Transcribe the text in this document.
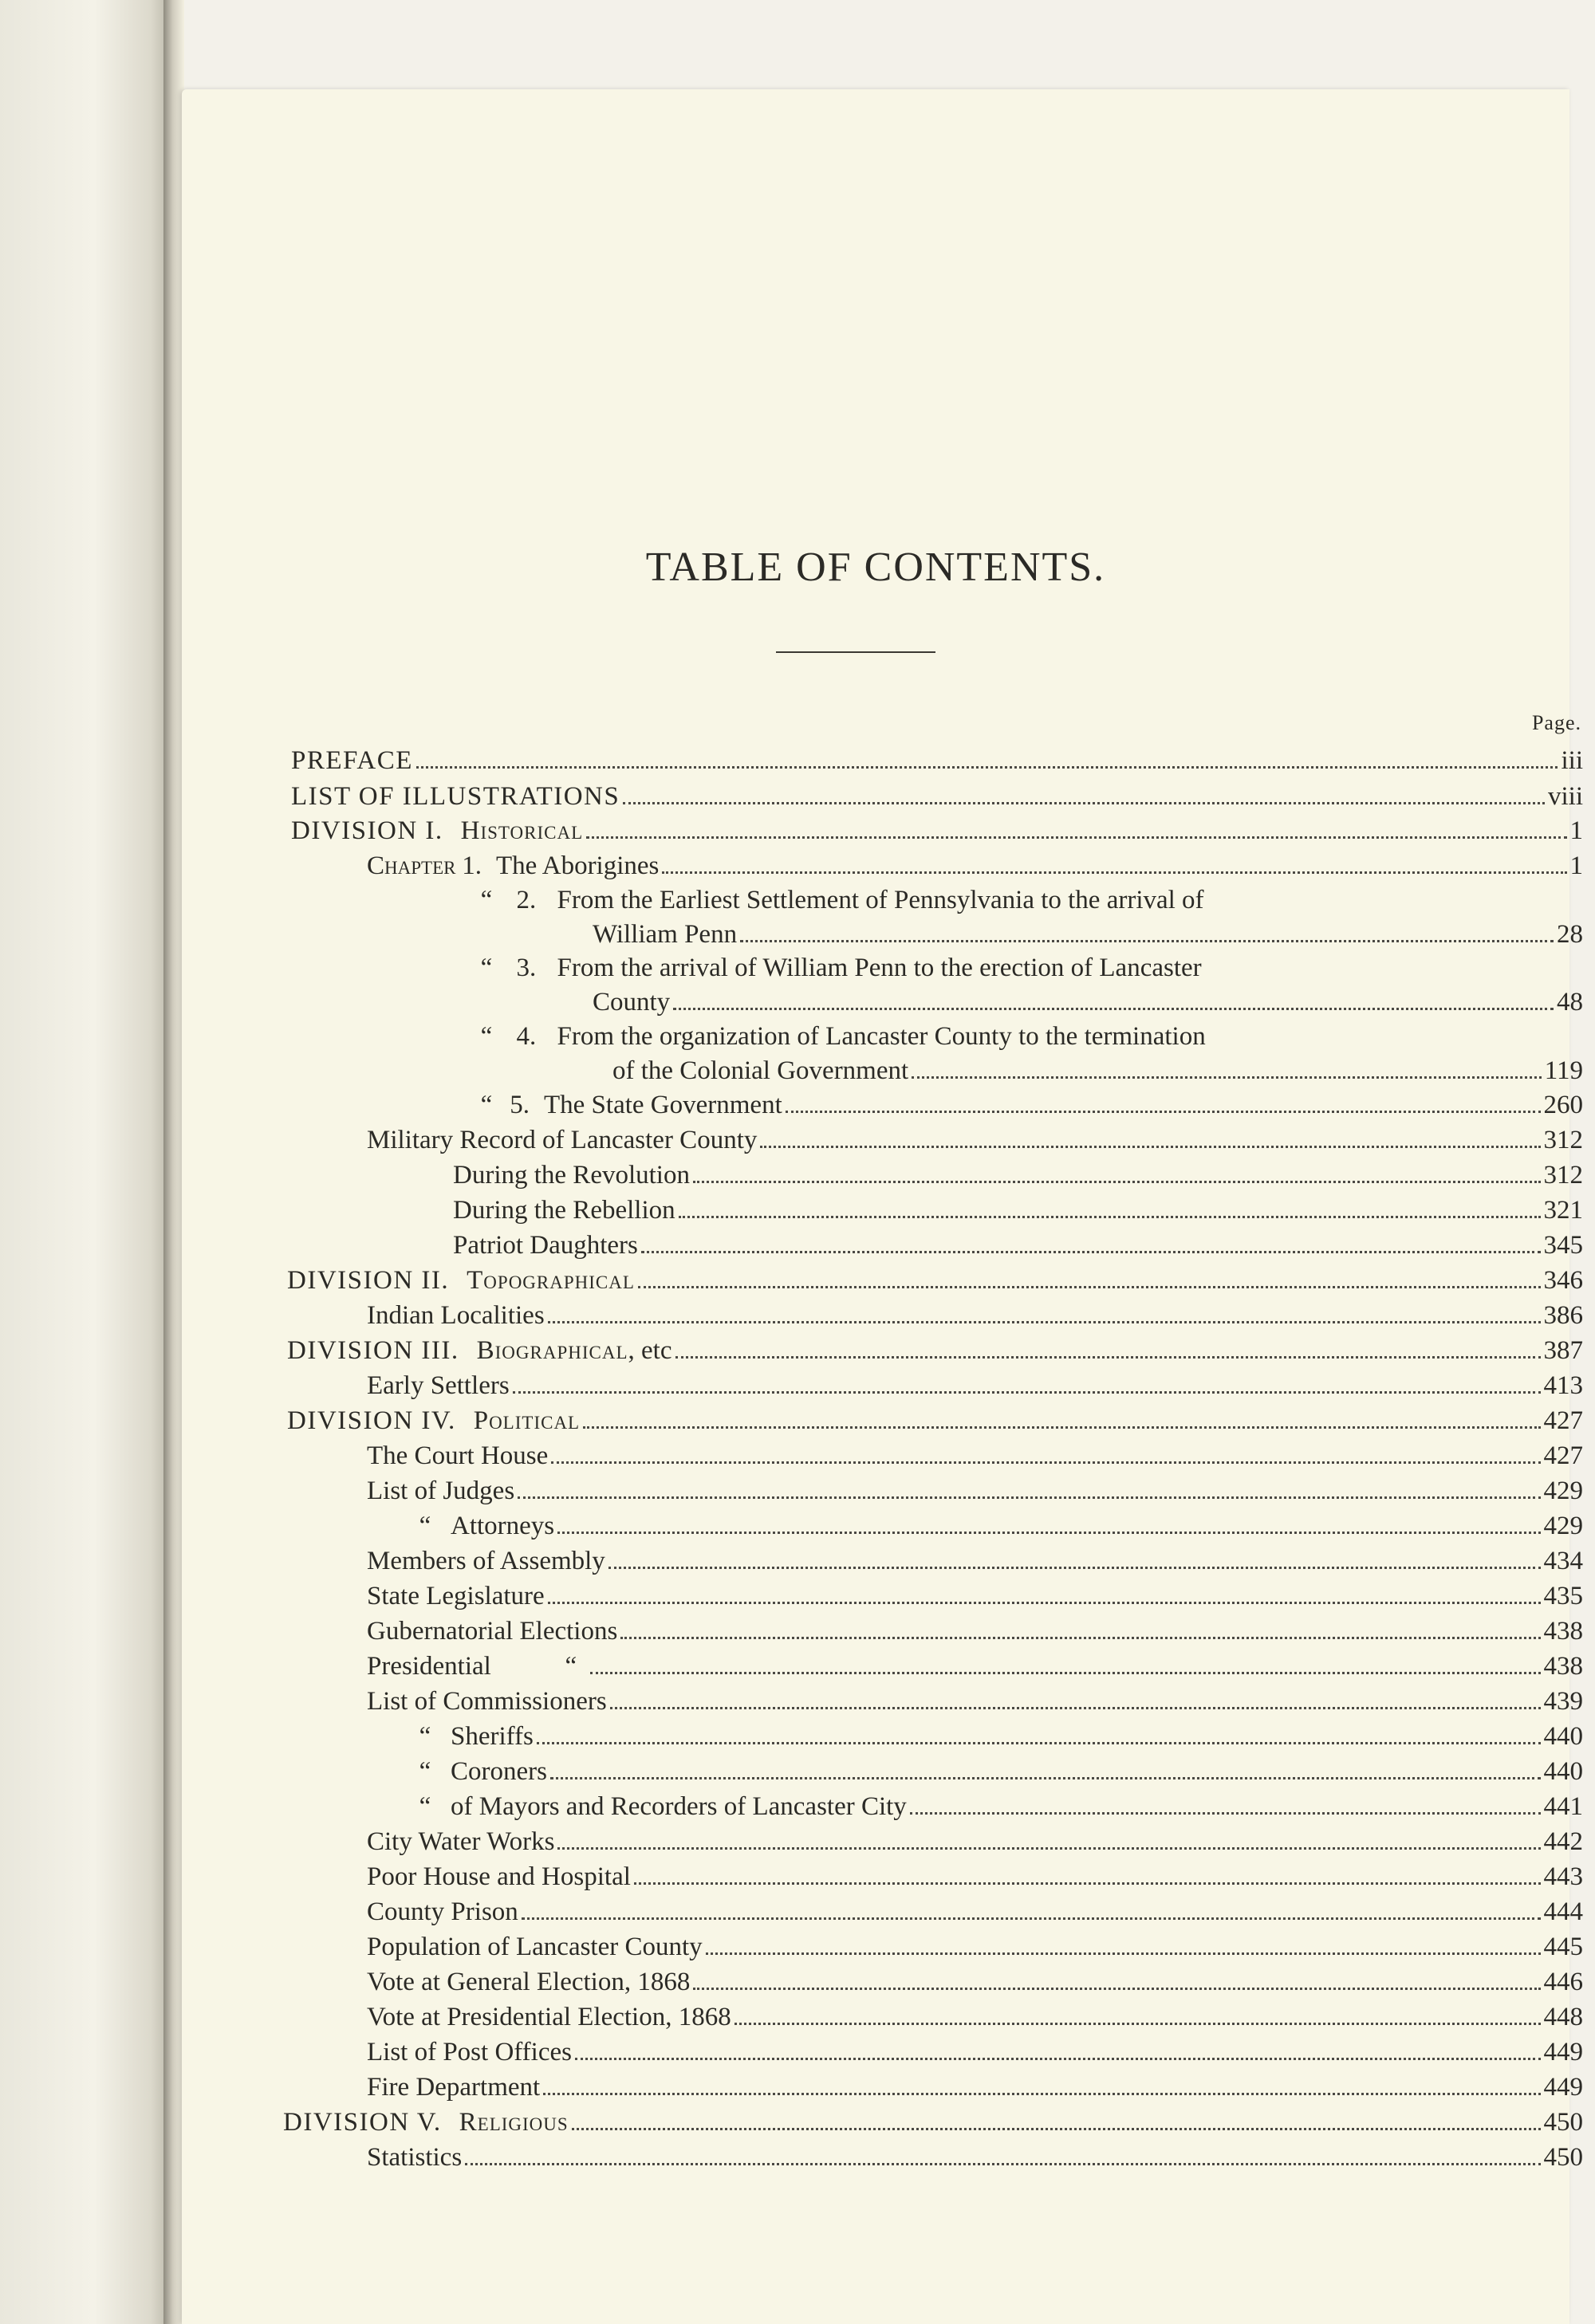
TABLE OF CONTENTS.
Page.
PREFACE	iii
LIST OF ILLUSTRATIONS	viii
DIVISION I. Historical	1
Chapter 1. The Aborigines	1
“ 2. From the Earliest Settlement of Pennsylvania to the arrival of
William Penn	28
“ 3. From the arrival of William Penn to the erection of Lancaster
County	48
“ 4. From the organization of Lancaster County to the termination
of the Colonial Government	119
“ 5. The State Government	260
Military Record of Lancaster County	312
During the Revolution	312
During the Rebellion	321
Patriot Daughters	345
DIVISION II. Topographical	346
Indian Localities	386
DIVISION III. Biographical , etc	387
Early Settlers	413
DIVISION IV. Political	427
The Court House	427
List of Judges	429
“ Attorneys	429
Members of Assembly	434
State Legislature	435
Gubernatorial Elections	438
Presidential	“	438
List of Commissioners	439
“ Sheriffs	440
“ Coroners	440
“ of Mayors and Recorders of Lancaster City	441
City Water Works	442
Poor House and Hospital	443
County Prison	444
Population of Lancaster County	445
Vote at General Election, 1868	446
Vote at Presidential Election, 1868	448
List of Post Offices	449
Fire Department	449
DIVISION V. Religious	450
Statistics	450
